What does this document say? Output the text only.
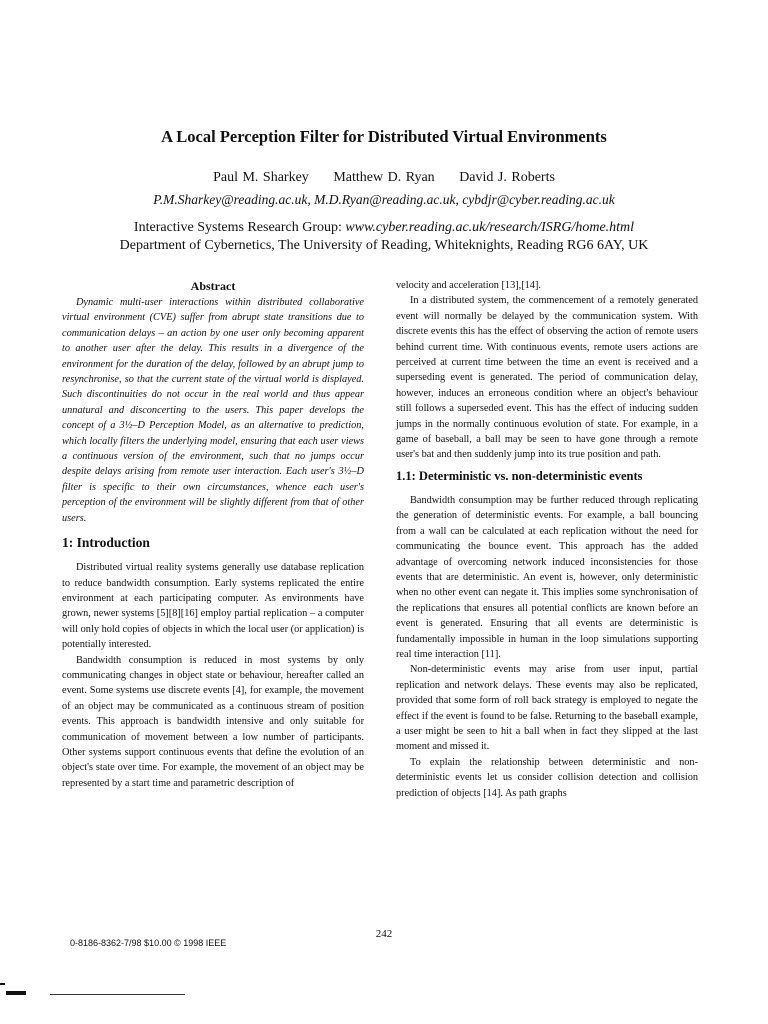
A Local Perception Filter for Distributed Virtual Environments
Paul M. Sharkey Matthew D. Ryan David J. Roberts
P.M.Sharkey@reading.ac.uk, M.D.Ryan@reading.ac.uk, cybdjr@cyber.reading.ac.uk
Interactive Systems Research Group: www.cyber.reading.ac.uk/research/ISRG/home.html
Department of Cybernetics, The University of Reading, Whiteknights, Reading RG6 6AY, UK
Abstract

Dynamic multi-user interactions within distributed collaborative virtual environment (CVE) suffer from abrupt state transitions due to communication delays – an action by one user only becoming apparent to another user after the delay. This results in a divergence of the environment for the duration of the delay, followed by an abrupt jump to resynchronise, so that the current state of the virtual world is displayed. Such discontinuities do not occur in the real world and thus appear unnatural and disconcerting to the users. This paper develops the concept of a 3½–D Perception Model, as an alternative to prediction, which locally filters the underlying model, ensuring that each user views a continuous version of the environment, such that no jumps occur despite delays arising from remote user interaction. Each user's 3½–D filter is specific to their own circumstances, whence each user's perception of the environment will be slightly different from that of other users.

1: Introduction

Distributed virtual reality systems generally use database replication to reduce bandwidth consumption. Early systems replicated the entire environment at each participating computer. As environments have grown, newer systems [5][8][16] employ partial replication – a computer will only hold copies of objects in which the local user (or application) is potentially interested.

Bandwidth consumption is reduced in most systems by only communicating changes in object state or behaviour, hereafter called an event. Some systems use discrete events [4], for example, the movement of an object may be communicated as a continuous stream of position events. This approach is bandwidth intensive and only suitable for communication of movement between a low number of participants. Other systems support continuous events that define the evolution of an object's state over time. For example, the movement of an object may be represented by a start time and parametric description of

velocity and acceleration [13],[14].

In a distributed system, the commencement of a remotely generated event will normally be delayed by the communication system. With discrete events this has the effect of observing the action of remote users behind current time. With continuous events, remote users actions are perceived at current time between the time an event is received and a superseding event is generated. The period of communication delay, however, induces an erroneous condition where an object's behaviour still follows a superseded event. This has the effect of inducing sudden jumps in the normally continuous evolution of state. For example, in a game of baseball, a ball may be seen to have gone through a remote user's bat and then suddenly jump into its true position and path.

1.1: Deterministic vs. non-deterministic events

Bandwidth consumption may be further reduced through replicating the generation of deterministic events. For example, a ball bouncing from a wall can be calculated at each replication without the need for communicating the bounce event. This approach has the added advantage of overcoming network induced inconsistencies for those events that are deterministic. An event is, however, only deterministic when no other event can negate it. This implies some synchronisation of the replications that ensures all potential conflicts are known before an event is generated. Ensuring that all events are deterministic is fundamentally impossible in human in the loop simulations supporting real time interaction [11].

Non-deterministic events may arise from user input, partial replication and network delays. These events may also be replicated, provided that some form of roll back strategy is employed to negate the effect if the event is found to be false. Returning to the baseball example, a user might be seen to hit a ball when in fact they slipped at the last moment and missed it.

To explain the relationship between deterministic and non-deterministic events let us consider collision detection and collision prediction of objects [14]. As path graphs

242
0-8186-8362-7/98 $10.00 © 1998 IEEE
